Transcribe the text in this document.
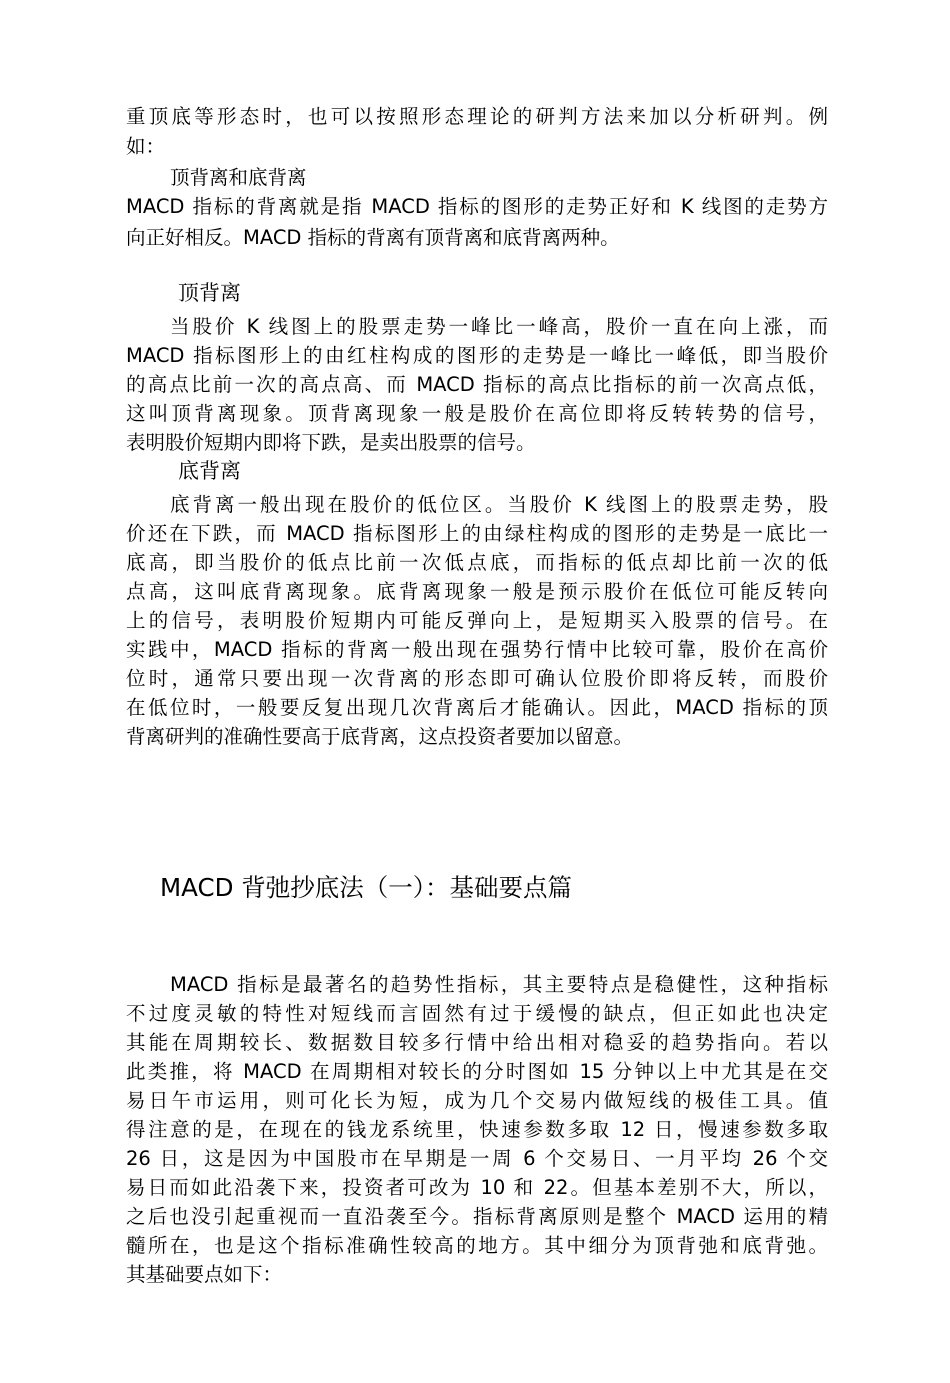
重顶底等形态时，也可以按照形态理论的研判方法来加以分析研判。例
如：
顶背离和底背离
MACD 指标的背离就是指 MACD 指标的图形的走势正好和 K 线图的走势方
向正好相反。MACD 指标的背离有顶背离和底背离两种。
顶背离
当股价 K 线图上的股票走势一峰比一峰高，股价一直在向上涨，而
MACD 指标图形上的由红柱构成的图形的走势是一峰比一峰低，即当股价
的高点比前一次的高点高、而 MACD 指标的高点比指标的前一次高点低，
这叫顶背离现象。顶背离现象一般是股价在高位即将反转转势的信号，
表明股价短期内即将下跌，是卖出股票的信号。
底背离
底背离一般出现在股价的低位区。当股价 K 线图上的股票走势，股
价还在下跌，而 MACD 指标图形上的由绿柱构成的图形的走势是一底比一
底高，即当股价的低点比前一次低点底，而指标的低点却比前一次的低
点高，这叫底背离现象。底背离现象一般是预示股价在低位可能反转向
上的信号，表明股价短期内可能反弹向上，是短期买入股票的信号。在
实践中，MACD 指标的背离一般出现在强势行情中比较可靠，股价在高价
位时，通常只要出现一次背离的形态即可确认位股价即将反转，而股价
在低位时，一般要反复出现几次背离后才能确认。因此，MACD 指标的顶
背离研判的准确性要高于底背离，这点投资者要加以留意。
MACD 背弛抄底法（一）：基础要点篇
MACD 指标是最著名的趋势性指标，其主要特点是稳健性，这种指标
不过度灵敏的特性对短线而言固然有过于缓慢的缺点，但正如此也决定
其能在周期较长、数据数目较多行情中给出相对稳妥的趋势指向。若以
此类推，将 MACD 在周期相对较长的分时图如 15 分钟以上中尤其是在交
易日午市运用，则可化长为短，成为几个交易内做短线的极佳工具。值
得注意的是，在现在的钱龙系统里，快速参数多取 12 日，慢速参数多取
26 日，这是因为中国股市在早期是一周 6 个交易日、一月平均 26 个交
易日而如此沿袭下来，投资者可改为 10 和 22。但基本差别不大，所以，
之后也没引起重视而一直沿袭至今。指标背离原则是整个 MACD 运用的精
髓所在，也是这个指标准确性较高的地方。其中细分为顶背弛和底背弛。
其基础要点如下：
